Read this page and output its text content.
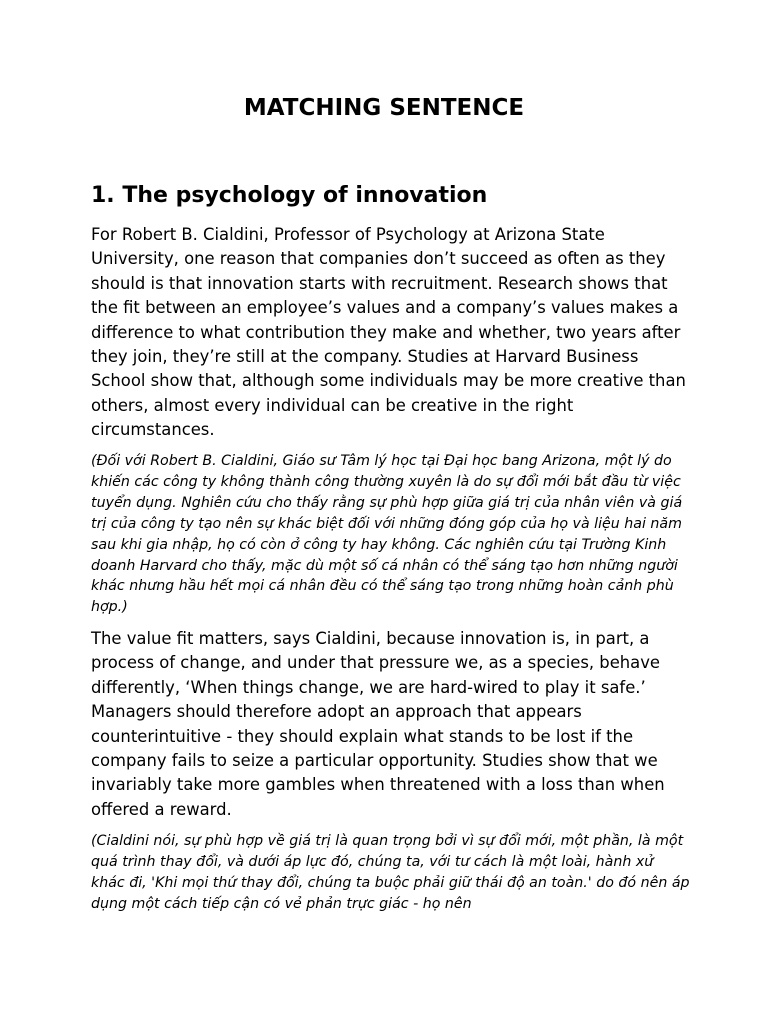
MATCHING SENTENCE
1. The psychology of innovation

For Robert B. Cialdini, Professor of Psychology at Arizona State University, one reason that companies don’t succeed as often as they should is that innovation starts with recruitment. Research shows that the fit between an employee’s values and a company’s values makes a difference to what contribution they make and whether, two years after they join, they’re still at the company. Studies at Harvard Business School show that, although some individuals may be more creative than others, almost every individual can be creative in the right circumstances.

(Đối với Robert B. Cialdini, Giáo sư Tâm lý học tại Đại học bang Arizona, một lý do khiến các công ty không thành công thường xuyên là do sự đổi mới bắt đầu từ việc tuyển dụng. Nghiên cứu cho thấy rằng sự phù hợp giữa giá trị của nhân viên và giá trị của công ty tạo nên sự khác biệt đối với những đóng góp của họ và liệu hai năm sau khi gia nhập, họ có còn ở công ty hay không. Các nghiên cứu tại Trường Kinh doanh Harvard cho thấy, mặc dù một số cá nhân có thể sáng tạo hơn những người khác nhưng hầu hết mọi cá nhân đều có thể sáng tạo trong những hoàn cảnh phù hợp.)

The value fit matters, says Cialdini, because innovation is, in part, a process of change, and under that pressure we, as a species, behave differently, ‘When things change, we are hard-wired to play it safe.’ Managers should therefore adopt an approach that appears counterintuitive - they should explain what stands to be lost if the company fails to seize a particular opportunity. Studies show that we invariably take more gambles when threatened with a loss than when offered a reward.

(Cialdini nói, sự phù hợp về giá trị là quan trọng bởi vì sự đổi mới, một phần, là một quá trình thay đổi, và dưới áp lực đó, chúng ta, với tư cách là một loài, hành xử khác đi, 'Khi mọi thứ thay đổi, chúng ta buộc phải giữ thái độ an toàn.' do đó nên áp dụng một cách tiếp cận có vẻ phản trực giác - họ nên
